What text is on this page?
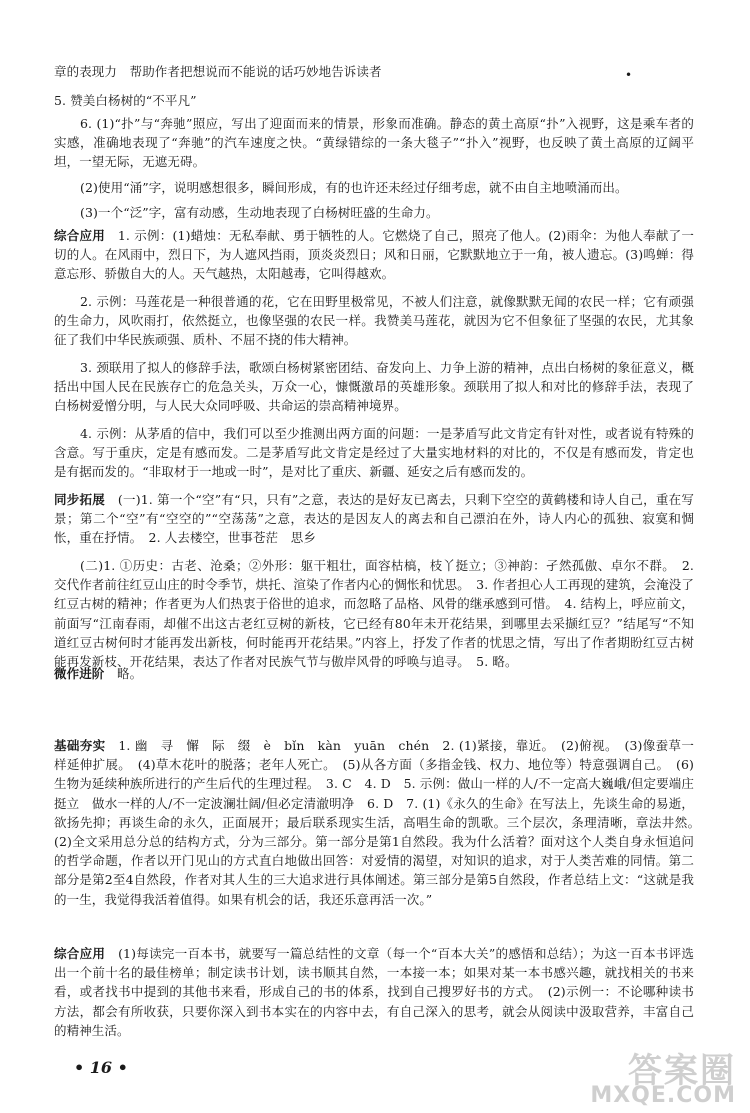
章的表现力　帮助作者把想说而不能说的话巧妙地告诉读者	•

5. 赞美白杨树的“不平凡”

6. (1)“扑”与“奔驰”照应，写出了迎面而来的情景，形象而准确。静态的黄土高原“扑”入视野，这是乘车者的实感，准确地表现了“奔驰”的汽车速度之快。“黄绿错综的一条大毯子”“扑入”视野，也反映了黄土高原的辽阔平坦，一望无际，无遮无碍。

(2)使用“涌”字，说明感想很多，瞬间形成，有的也许还未经过仔细考虑，就不由自主地喷涌而出。

(3)一个“泛”字，富有动感，生动地表现了白杨树旺盛的生命力。

综合应用　 1. 示例：(1)蜡烛：无私奉献、勇于牺牲的人。它燃烧了自己，照亮了他人。(2)雨伞：为他人奉献了一切的人。在风雨中，烈日下，为人遮风挡雨，顶炎炎烈日；风和日丽，它默默地立于一角，被人遗忘。(3)鸣蝉：得意忘形、骄傲自大的人。天气越热，太阳越毒，它叫得越欢。

2. 示例：马莲花是一种很普通的花，它在田野里极常见，不被人们注意，就像默默无闻的农民一样；它有顽强的生命力，风吹雨打，依然挺立，也像坚强的农民一样。我赞美马莲花，就因为它不但象征了坚强的农民，尤其象征了我们中华民族顽强、质朴、不屈不挠的伟大精神。

3. 颈联用了拟人的修辞手法，歌颂白杨树紧密团结、奋发向上、力争上游的精神，点出白杨树的象征意义，概括出中国人民在民族存亡的危急关头，万众一心，慷慨激昂的英雄形象。颈联用了拟人和对比的修辞手法，表现了白杨树爱憎分明，与人民大众同呼吸、共命运的崇高精神境界。

4. 示例：从茅盾的信中，我们可以至少推测出两方面的问题：一是茅盾写此文肯定有针对性，或者说有特殊的含意。写于重庆，定是有感而发。二是茅盾写此文肯定是经过了大量实地材料的对比的，不仅是有感而发，肯定也是有据而发的。“非取材于一地或一时”，是对比了重庆、新疆、延安之后有感而发的。

同步拓展　 (一)1. 第一个“空”有“只，只有”之意，表达的是好友已离去，只剩下空空的黄鹤楼和诗人自己，重在写景；第二个“空”有“空空的”“空荡荡”之意，表达的是因友人的离去和自己漂泊在外，诗人内心的孤独、寂寞和惆怅，重在抒情。　2. 人去楼空，世事苍茫　思乡

(二)1. ①历史：古老、沧桑；②外形：躯干粗壮，面容枯槁，枝丫挺立；③神韵：孑然孤傲、卓尔不群。　2. 交代作者前往红豆山庄的时令季节，烘托、渲染了作者内心的惆怅和忧思。　3. 作者担心人工再现的建筑，会淹没了红豆古树的精神；作者更为人们热衷于俗世的追求，而忽略了品格、风骨的继承感到可惜。　4. 结构上，呼应前文，前面写“江南春雨，却催不出这古老红豆树的新枝，它已经有80年未开花结果，到哪里去采撷红豆？”结尾写“不知道红豆古树何时才能再发出新枝，何时能再开花结果。”内容上，抒发了作者的忧思之情，写出了作者期盼红豆古树能再发新枝、开花结果，表达了作者对民族气节与傲岸风骨的呼唤与追寻。　5. 略。

微作进阶　 略。

基础夯实　 1. 幽　寻　懈　际　缀　è　bǐn　kàn　yuān　chén　2. (1)紧接，靠近。　(2)俯视。　(3)像蚕草一样延伸扩展。　(4)草木花叶的脱落；老年人死亡。　(5)从各方面（多指金钱、权力、地位等）特意强调自己。　(6)生物为延续种族所进行的产生后代的生理过程。　3. C　4. D　5. 示例：做山一样的人/不一定高大巍峨/但定要端庄挺立　做水一样的人/不一定波澜壮阔/但必定清澈明净　6. D　7. (1)《永久的生命》在写法上，先谈生命的易逝，欲扬先抑；再谈生命的永久，正面展开；最后联系现实生活，高唱生命的凯歌。三个层次，条理清晰，章法井然。　(2)全文采用总分总的结构方式，分为三部分。第一部分是第1自然段。我为什么活着？面对这个人类自身永恒追问的哲学命题，作者以开门见山的方式直白地做出回答：对爱情的渴望，对知识的追求，对于人类苦难的同情。第二部分是第2至4自然段，作者对其人生的三大追求进行具体阐述。第三部分是第5自然段，作者总结上文：“这就是我的一生，我觉得我活着值得。如果有机会的话，我还乐意再活一次。”

综合应用　 (1)每读完一百本书，就要写一篇总结性的文章（每一个“百本大关”的感悟和总结）；为这一百本书评选出一个前十名的最佳榜单；制定读书计划，读书顺其自然，一本接一本；如果对某一本书感兴趣，就找相关的书来看，或者找书中提到的其他书来看，形成自己的书的体系，找到自己搜罗好书的方式。　(2)示例一：不论哪种读书方法，都会有所收获，只要你深入到书本实在的内容中去，有自己深入的思考，就会从阅读中汲取营养，丰富自己的精神生活。

• 16 •	答案圈
MXQE.COM
